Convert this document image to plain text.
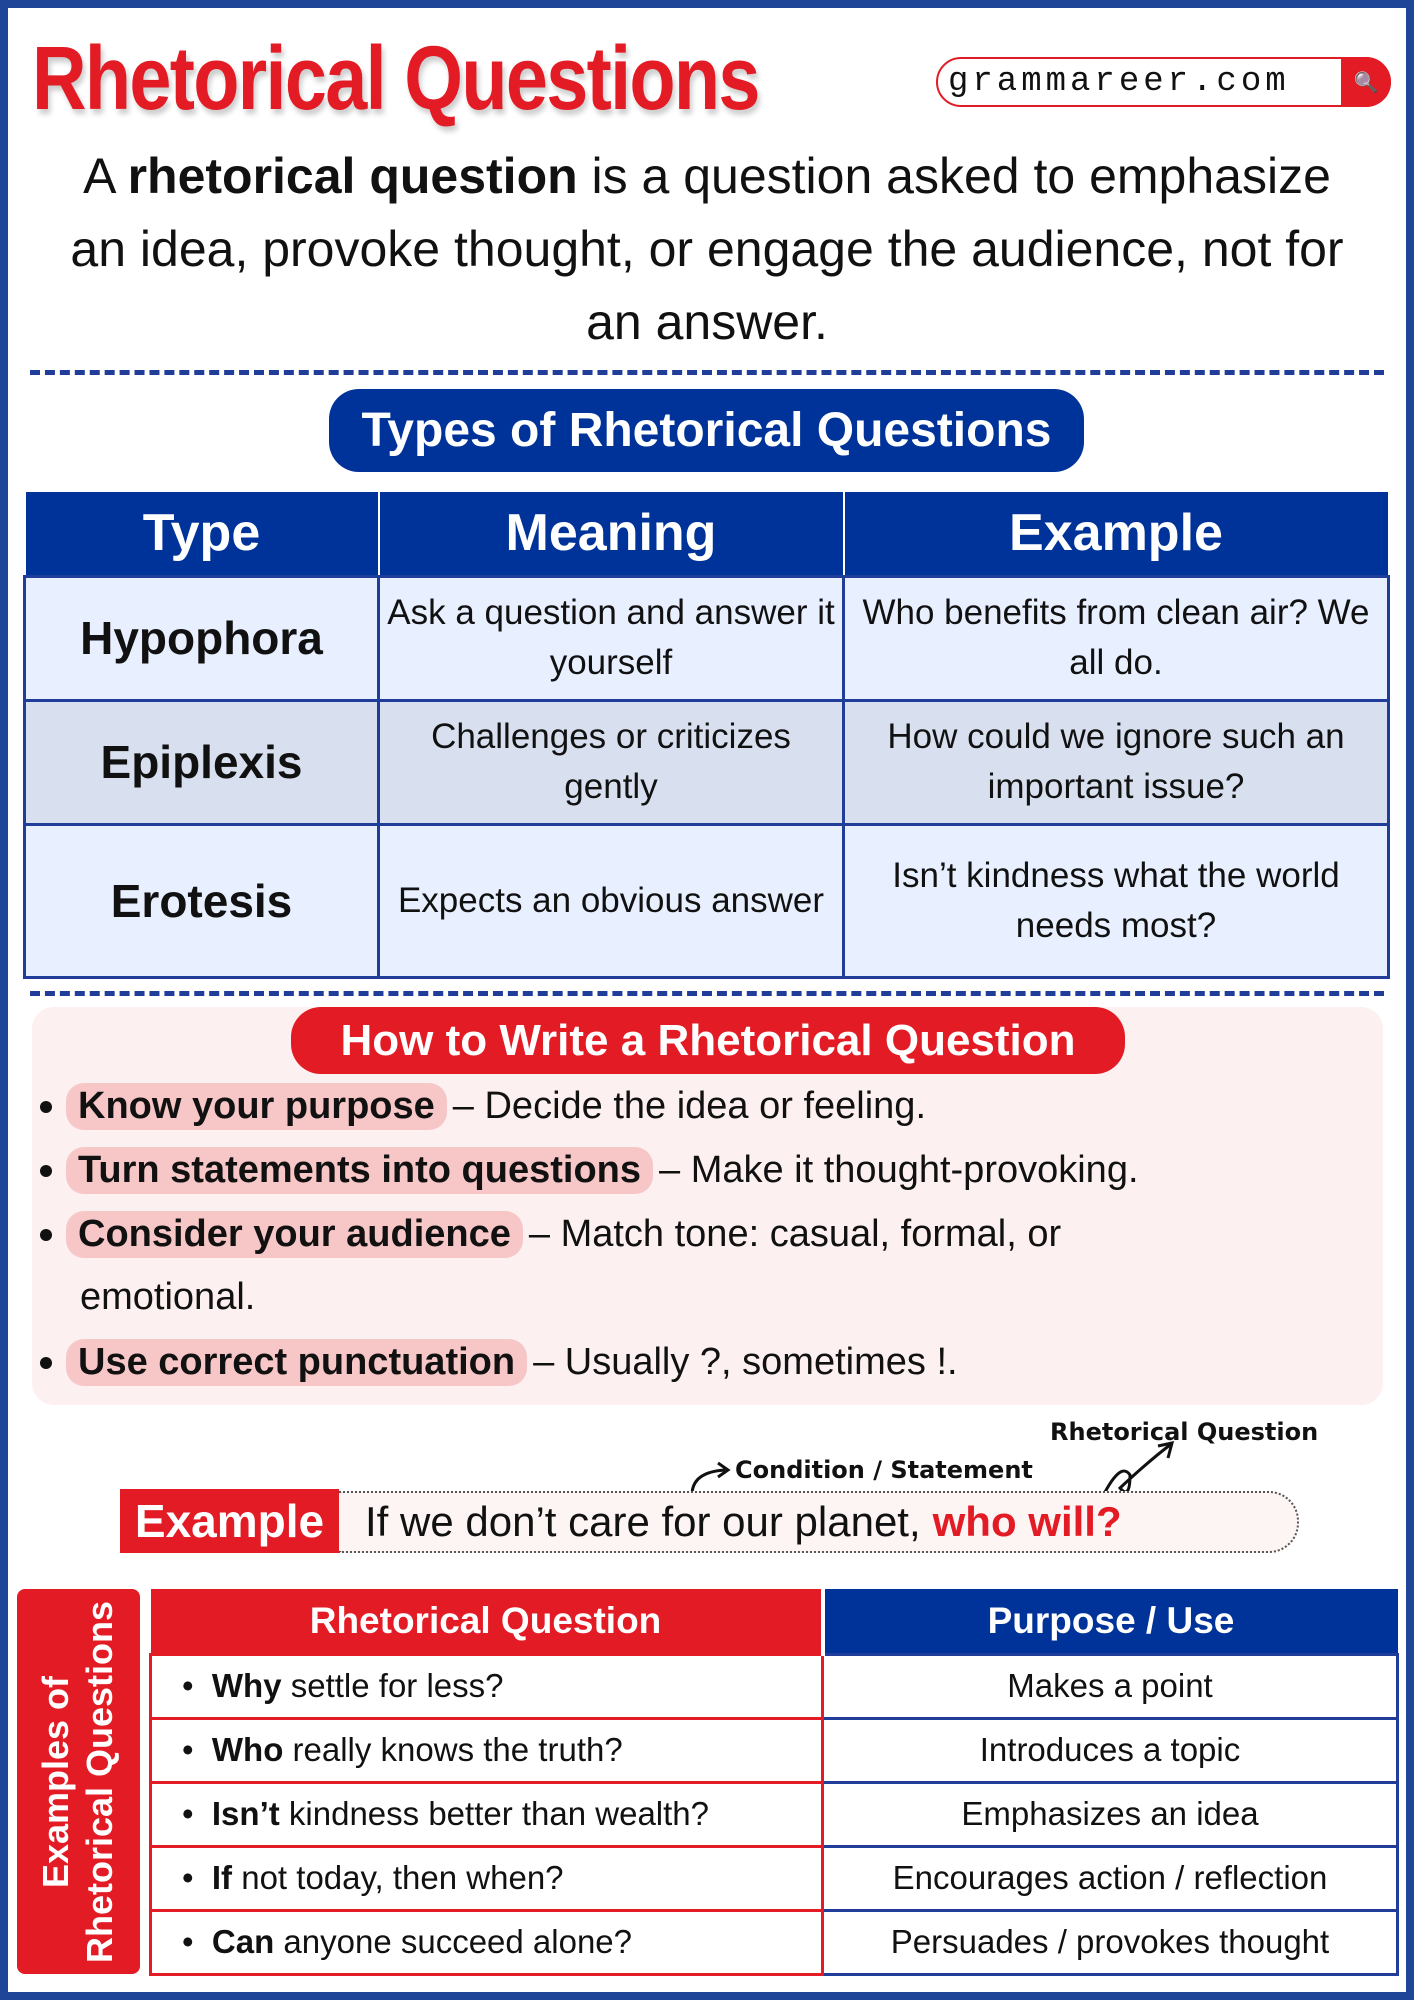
Rhetorical Questions	grammareer.com	🔍
A rhetorical question is a question asked to emphasize an idea, provoke thought, or engage the audience, not for an answer.
Types of Rhetorical Questions
Type	Meaning	Example
Hypophora	Ask a question and answer it yourself	Who benefits from clean air? We all do.
Epiplexis	Challenges or criticizes gently	How could we ignore such an important issue?
Erotesis	Expects an obvious answer	Isn’t kindness what the world needs most?
How to Write a Rhetorical Question
Know your purpose – Decide the idea or feeling.
Turn statements into questions – Make it thought-provoking.
Consider your audience – Match tone: casual, formal, or
emotional.
Use correct punctuation – Usually ?, sometimes !.
Condition / Statement
Rhetorical Question
Example If we don’t care for our planet, who will?
Examples of
Rhetorical Questions	Rhetorical Question	Purpose / Use
•  Why settle for less?	Makes a point
•  Who really knows the truth?	Introduces a topic
•  Isn’t kindness better than wealth?	Emphasizes an idea
•  If not today, then when?	Encourages action / reflection
•  Can anyone succeed alone?	Persuades / provokes thought
